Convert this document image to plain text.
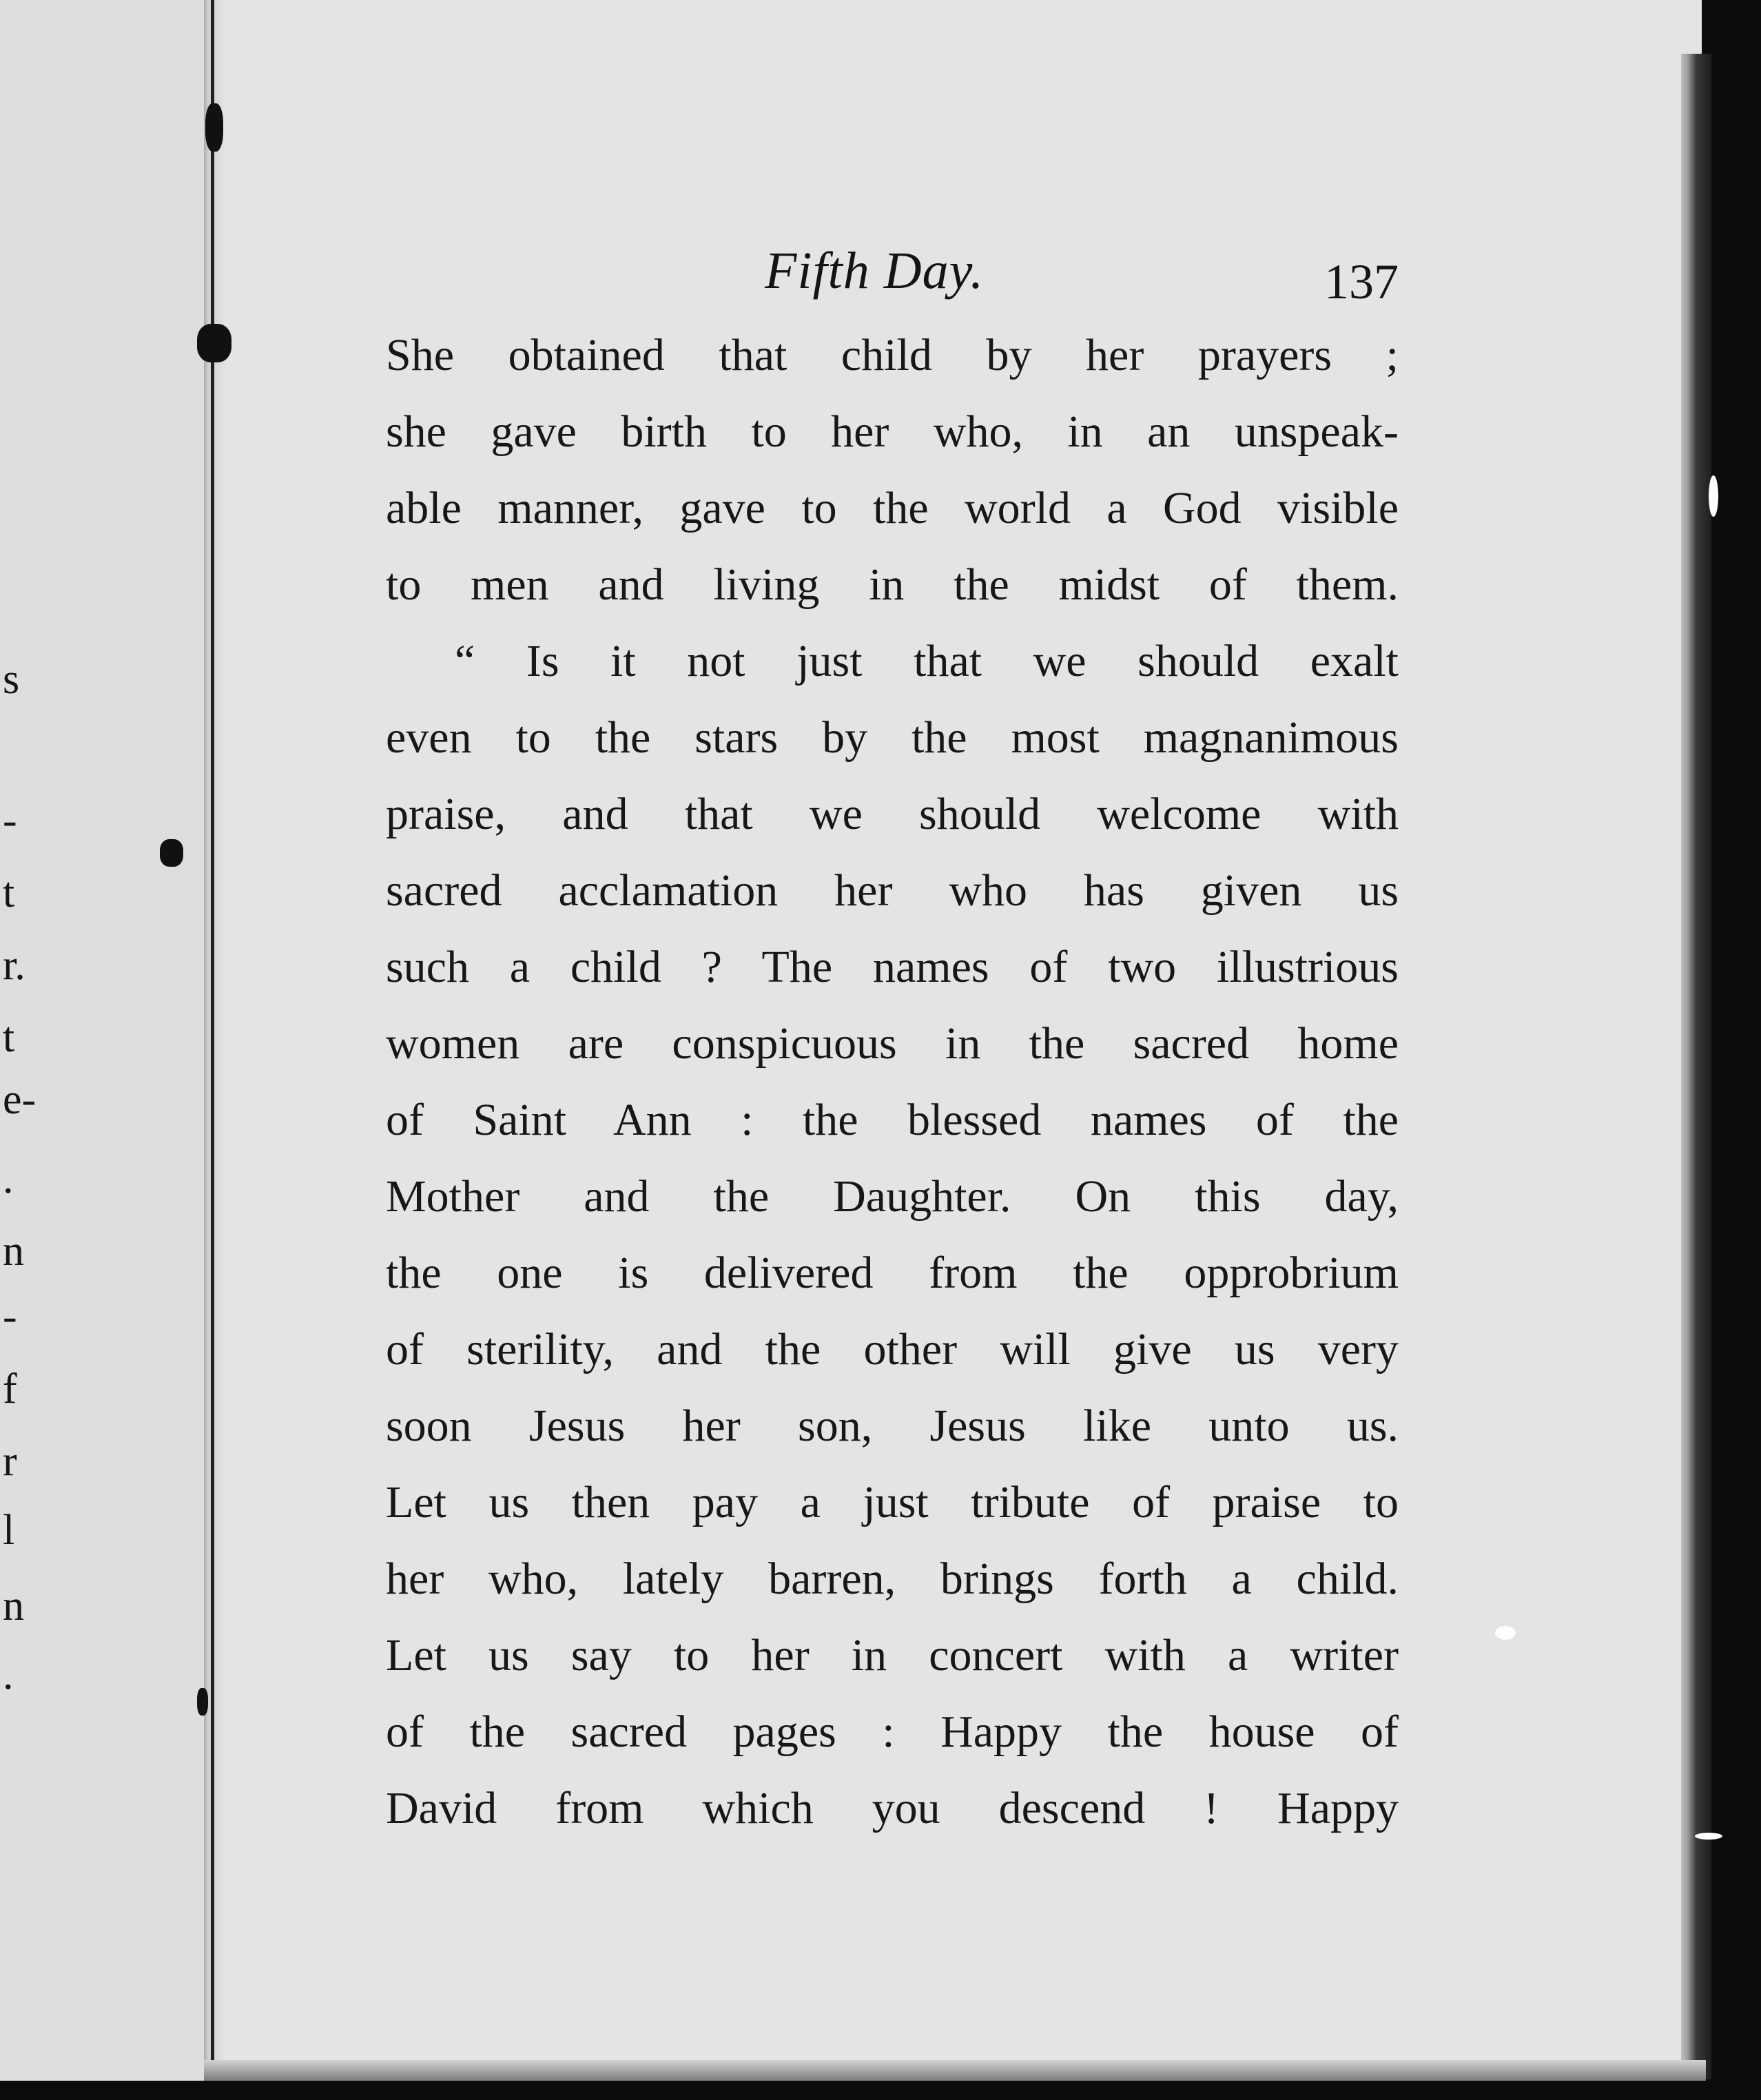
s
-
t
r.
t
e-
.
n
-
f
r
l
n
.
Fifth Day.	137
She obtained that child by her prayers ;
she gave birth to her who, in an unspeak-
able manner, gave to the world a God visible
to men and living in the midst of them.
“ Is it not just that we should exalt
even to the stars by the most magnanimous
praise, and that we should welcome with
sacred acclamation her who has given us
such a child ? The names of two illustrious
women are conspicuous in the sacred home
of Saint Ann : the blessed names of the
Mother and the Daughter. On this day,
the one is delivered from the opprobrium
of sterility, and the other will give us very
soon Jesus her son, Jesus like unto us.
Let us then pay a just tribute of praise to
her who, lately barren, brings forth a child.
Let us say to her in concert with a writer
of the sacred pages : Happy the house of
David from which you descend ! Happy
